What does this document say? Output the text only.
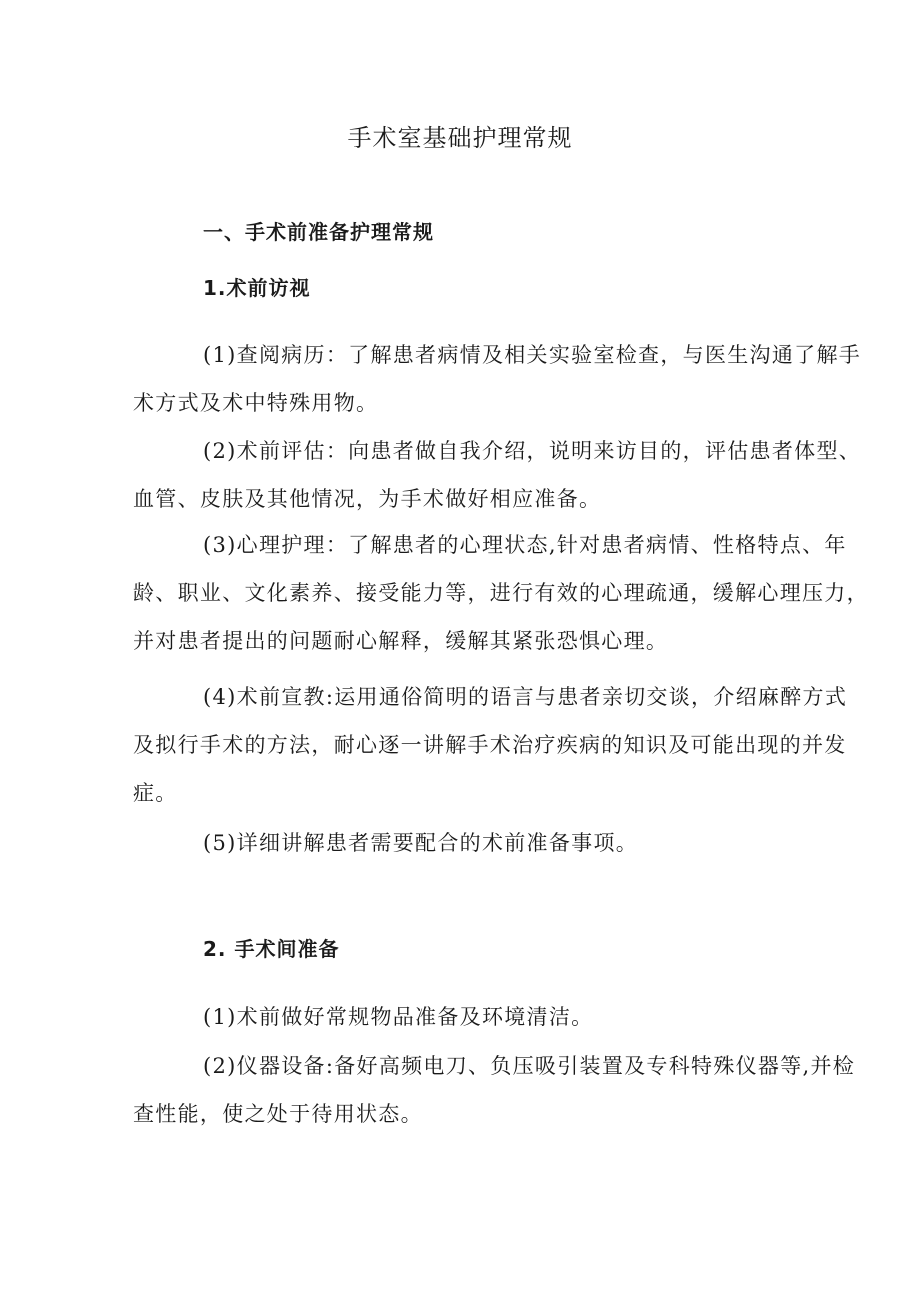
手术室基础护理常规
一、手术前准备护理常规
1.术前访视
(1)查阅病历：了解患者病情及相关实验室检查，与医生沟通了解手
术方式及术中特殊用物。
(2)术前评估：向患者做自我介绍，说明来访目的，评估患者体型、
血管、皮肤及其他情况，为手术做好相应准备。
(3)心理护理：了解患者的心理状态,针对患者病情、性格特点、年
龄、职业、文化素养、接受能力等，进行有效的心理疏通，缓解心理压力，
并对患者提出的问题耐心解释，缓解其紧张恐惧心理。
(4)术前宣教:运用通俗简明的语言与患者亲切交谈，介绍麻醉方式
及拟行手术的方法，耐心逐一讲解手术治疗疾病的知识及可能出现的并发
症。
(5)详细讲解患者需要配合的术前准备事项。
2. 手术间准备
(1)术前做好常规物品准备及环境清洁。
(2)仪器设备:备好高频电刀、负压吸引装置及专科特殊仪器等,并检
查性能，使之处于待用状态。
